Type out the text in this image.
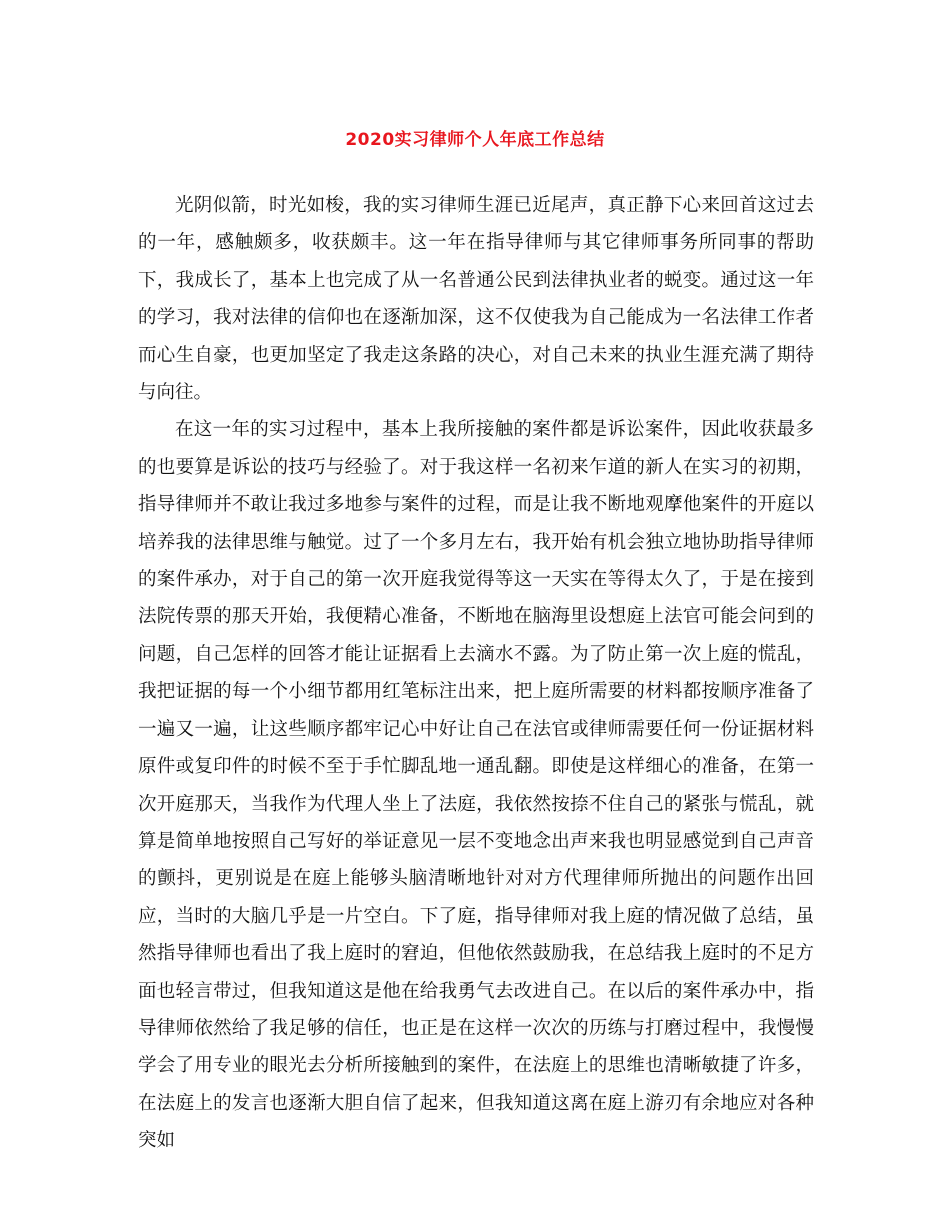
2020实习律师个人年底工作总结

光阴似箭，时光如梭，我的实习律师生涯已近尾声，真正静下心来回首这过去的一年，感触颇多，收获颇丰。这一年在指导律师与其它律师事务所同事的帮助下，我成长了，基本上也完成了从一名普通公民到法律执业者的蜕变。通过这一年的学习，我对法律的信仰也在逐渐加深，这不仅使我为自己能成为一名法律工作者而心生自豪，也更加坚定了我走这条路的决心，对自己未来的执业生涯充满了期待与向往。

在这一年的实习过程中，基本上我所接触的案件都是诉讼案件，因此收获最多的也要算是诉讼的技巧与经验了。对于我这样一名初来乍道的新人在实习的初期，指导律师并不敢让我过多地参与案件的过程，而是让我不断地观摩他案件的开庭以培养我的法律思维与触觉。过了一个多月左右，我开始有机会独立地协助指导律师的案件承办，对于自己的第一次开庭我觉得等这一天实在等得太久了，于是在接到法院传票的那天开始，我便精心准备，不断地在脑海里设想庭上法官可能会问到的问题，自己怎样的回答才能让证据看上去滴水不露。为了防止第一次上庭的慌乱，我把证据的每一个小细节都用红笔标注出来，把上庭所需要的材料都按顺序准备了一遍又一遍，让这些顺序都牢记心中好让自己在法官或律师需要任何一份证据材料原件或复印件的时候不至于手忙脚乱地一通乱翻。即使是这样细心的准备，在第一次开庭那天，当我作为代理人坐上了法庭，我依然按捺不住自己的紧张与慌乱，就算是简单地按照自己写好的举证意见一层不变地念出声来我也明显感觉到自己声音的颤抖，更别说是在庭上能够头脑清晰地针对对方代理律师所抛出的问题作出回应，当时的大脑几乎是一片空白。下了庭，指导律师对我上庭的情况做了总结，虽然指导律师也看出了我上庭时的窘迫，但他依然鼓励我，在总结我上庭时的不足方面也轻言带过，但我知道这是他在给我勇气去改进自己。在以后的案件承办中，指导律师依然给了我足够的信任，也正是在这样一次次的历练与打磨过程中，我慢慢学会了用专业的眼光去分析所接触到的案件，在法庭上的思维也清晰敏捷了许多，在法庭上的发言也逐渐大胆自信了起来，但我知道这离在庭上游刃有余地应对各种突如
